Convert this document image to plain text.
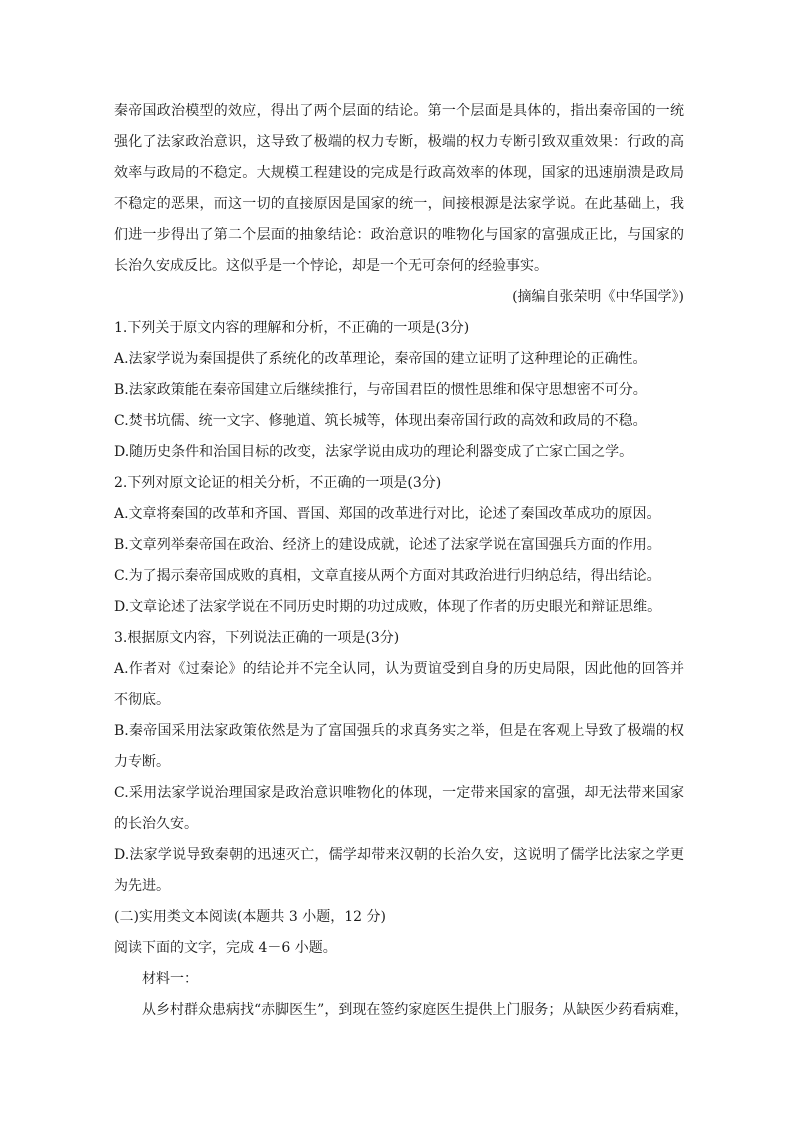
秦帝国政治模型的效应，得出了两个层面的结论。第一个层面是具体的，指出秦帝国的一统强化了法家政治意识，这导致了极端的权力专断，极端的权力专断引致双重效果：行政的高效率与政局的不稳定。大规模工程建设的完成是行政高效率的体现，国家的迅速崩溃是政局不稳定的恶果，而这一切的直接原因是国家的统一，间接根源是法家学说。在此基础上，我们进一步得出了第二个层面的抽象结论：政治意识的唯物化与国家的富强成正比，与国家的长治久安成反比。这似乎是一个悖论，却是一个无可奈何的经验事实。

(摘编自张荣明《中华国学》)

1.下列关于原文内容的理解和分析，不正确的一项是(3分)

A.法家学说为秦国提供了系统化的改革理论，秦帝国的建立证明了这种理论的正确性。

B.法家政策能在秦帝国建立后继续推行，与帝国君臣的惯性思维和保守思想密不可分。

C.焚书坑儒、统一文字、修驰道、筑长城等，体现出秦帝国行政的高效和政局的不稳。

D.随历史条件和治国目标的改变，法家学说由成功的理论利器变成了亡家亡国之学。

2.下列对原文论证的相关分析，不正确的一项是(3分)

A.文章将秦国的改革和齐国、晋国、郑国的改革进行对比，论述了秦国改革成功的原因。

B.文章列举秦帝国在政治、经济上的建设成就，论述了法家学说在富国强兵方面的作用。

C.为了揭示秦帝国成败的真相，文章直接从两个方面对其政治进行归纳总结，得出结论。

D.文章论述了法家学说在不同历史时期的功过成败，体现了作者的历史眼光和辩证思维。

3.根据原文内容，下列说法正确的一项是(3分)

A.作者对《过秦论》的结论并不完全认同，认为贾谊受到自身的历史局限，因此他的回答并不彻底。

B.秦帝国采用法家政策依然是为了富国强兵的求真务实之举，但是在客观上导致了极端的权力专断。

C.采用法家学说治理国家是政治意识唯物化的体现，一定带来国家的富强，却无法带来国家的长治久安。

D.法家学说导致秦朝的迅速灭亡，儒学却带来汉朝的长治久安，这说明了儒学比法家之学更为先进。

(二)实用类文本阅读(本题共 3 小题，12 分)

阅读下面的文字，完成 4－6 小题。

材料一：

从乡村群众患病找“赤脚医生”，到现在签约家庭医生提供上门服务；从缺医少药看病难，
